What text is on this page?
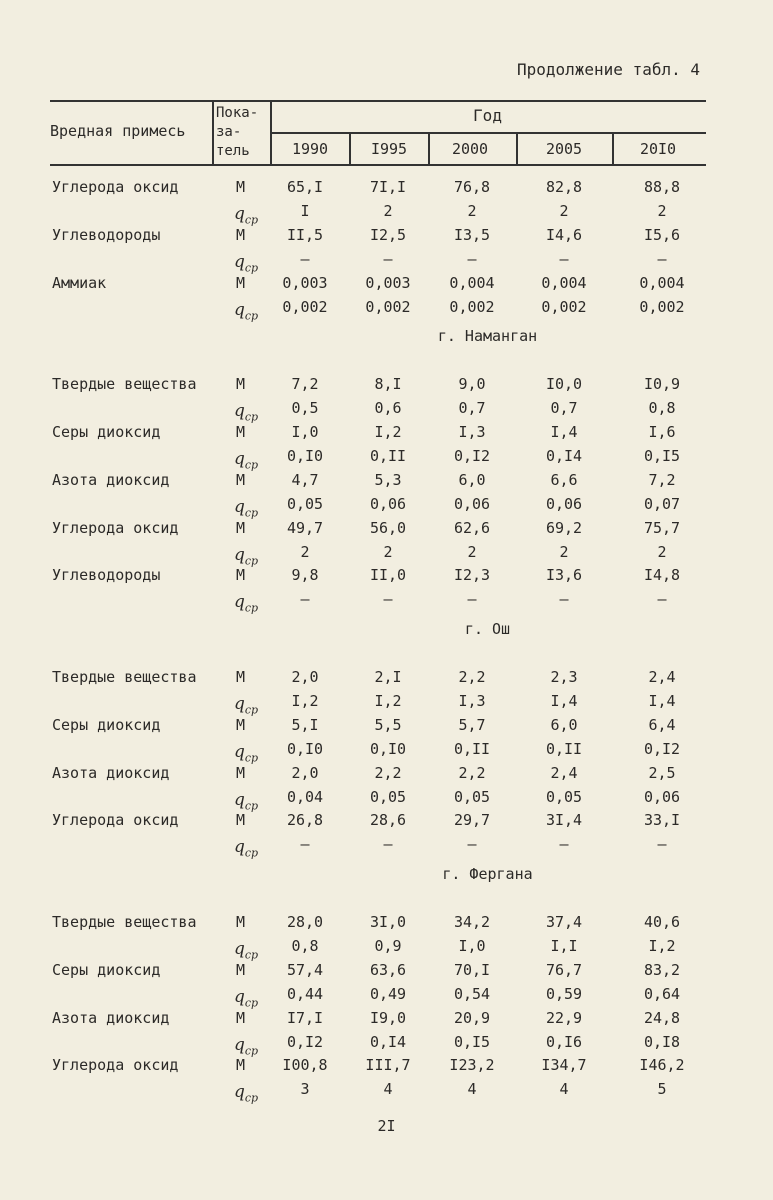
Продолжение табл. 4
Вредная примесь
Пока-
за-
тель
Год
1990	I995	2000	2005	20I0
Углерода оксид	M	65,I	7I,I	76,8	82,8	88,8
$q_{ср}$	I	2	2	2	2
Углеводороды	M	II,5	I2,5	I3,5	I4,6	I5,6
$q_{ср}$	–	–	–	–	–
Аммиак	M	0,003	0,003	0,004	0,004	0,004
$q_{ср}$	0,002	0,002	0,002	0,002	0,002
г. Наманган
Твердые вещества	M	7,2	8,I	9,0	I0,0	I0,9
$q_{ср}$	0,5	0,6	0,7	0,7	0,8
Серы диоксид	M	I,0	I,2	I,3	I,4	I,6
$q_{ср}$	0,I0	0,II	0,I2	0,I4	0,I5
Азота диоксид	M	4,7	5,3	6,0	6,6	7,2
$q_{ср}$	0,05	0,06	0,06	0,06	0,07
Углерода оксид	M	49,7	56,0	62,6	69,2	75,7
$q_{ср}$	2	2	2	2	2
Углеводороды	M	9,8	II,0	I2,3	I3,6	I4,8
$q_{ср}$	–	–	–	–	–
г. Ош
Твердые вещества	M	2,0	2,I	2,2	2,3	2,4
$q_{ср}$	I,2	I,2	I,3	I,4	I,4
Серы диоксид	M	5,I	5,5	5,7	6,0	6,4
$q_{ср}$	0,I0	0,I0	0,II	0,II	0,I2
Азота диоксид	M	2,0	2,2	2,2	2,4	2,5
$q_{ср}$	0,04	0,05	0,05	0,05	0,06
Углерода оксид	M	26,8	28,6	29,7	3I,4	33,I
$q_{ср}$	–	–	–	–	–
г. Фергана
Твердые вещества	M	28,0	3I,0	34,2	37,4	40,6
$q_{ср}$	0,8	0,9	I,0	I,I	I,2
Серы диоксид	M	57,4	63,6	70,I	76,7	83,2
$q_{ср}$	0,44	0,49	0,54	0,59	0,64
Азота диоксид	M	I7,I	I9,0	20,9	22,9	24,8
$q_{ср}$	0,I2	0,I4	0,I5	0,I6	0,I8
Углерода оксид	M	I00,8	III,7	I23,2	I34,7	I46,2
$q_{ср}$	3	4	4	4	5
2I
